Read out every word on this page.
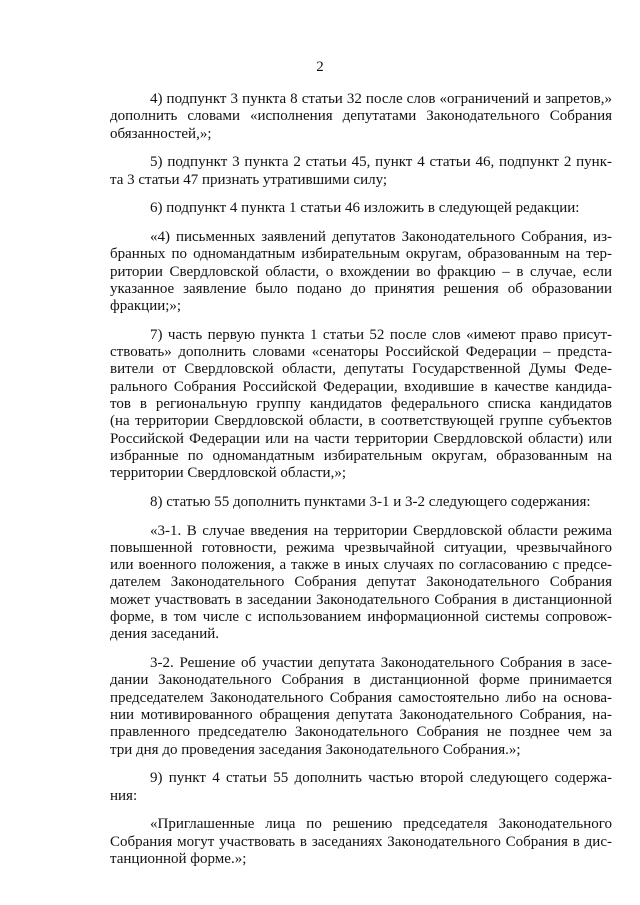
2
4) подпункт 3 пункта 8 статьи 32 после слов «ограничений и запретов,»
дополнить словами «исполнения депутатами Законодательного Собрания
обязанностей,»;
5) подпункт 3 пункта 2 статьи 45, пункт 4 статьи 46, подпункт 2 пунк-
та 3 статьи 47 признать утратившими силу;
6) подпункт 4 пункта 1 статьи 46 изложить в следующей редакции:
«4) письменных заявлений депутатов Законодательного Собрания, из-
бранных по одномандатным избирательным округам, образованным на тер-
ритории Свердловской области, о вхождении во фракцию – в случае, если
указанное заявление было подано до принятия решения об образовании
фракции;»;
7) часть первую пункта 1 статьи 52 после слов «имеют право присут-
ствовать» дополнить словами «сенаторы Российской Федерации – предста-
вители от Свердловской области, депутаты Государственной Думы Феде-
рального Собрания Российской Федерации, входившие в качестве кандида-
тов в региональную группу кандидатов федерального списка кандидатов
(на территории Свердловской области, в соответствующей группе субъектов
Российской Федерации или на части территории Свердловской области) или
избранные по одномандатным избирательным округам, образованным на
территории Свердловской области,»;
8) статью 55 дополнить пунктами 3-1 и 3-2 следующего содержания:
«3-1. В случае введения на территории Свердловской области режима
повышенной готовности, режима чрезвычайной ситуации, чрезвычайного
или военного положения, а также в иных случаях по согласованию с предсе-
дателем Законодательного Собрания депутат Законодательного Собрания
может участвовать в заседании Законодательного Собрания в дистанционной
форме, в том числе с использованием информационной системы сопровож-
дения заседаний.
3-2. Решение об участии депутата Законодательного Собрания в засе-
дании Законодательного Собрания в дистанционной форме принимается
председателем Законодательного Собрания самостоятельно либо на основа-
нии мотивированного обращения депутата Законодательного Собрания, на-
правленного председателю Законодательного Собрания не позднее чем за
три дня до проведения заседания Законодательного Собрания.»;
9) пункт 4 статьи 55 дополнить частью второй следующего содержа-
ния:
«Приглашенные лица по решению председателя Законодательного
Собрания могут участвовать в заседаниях Законодательного Собрания в дис-
танционной форме.»;
